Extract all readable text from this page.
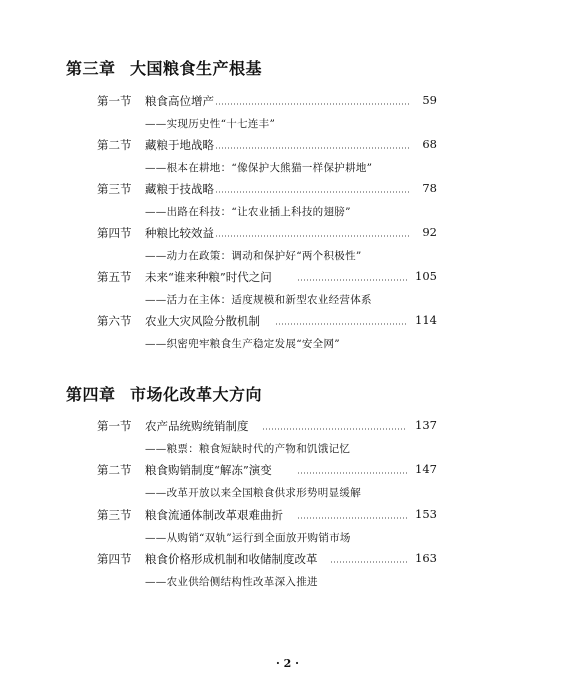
第三章 大国粮食生产根基
第一节 粮食高位增产	59
——实现历史性“十七连丰”
第二节 藏粮于地战略	68
——根本在耕地：“像保护大熊猫一样保护耕地”
第三节 藏粮于技战略	78
——出路在科技：“让农业插上科技的翅膀”
第四节 种粮比较效益	92
——动力在政策：调动和保护好“两个积极性”
第五节 未来“谁来种粮”时代之问	105
——活力在主体：适度规模和新型农业经营体系
第六节 农业大灾风险分散机制	114
——织密兜牢粮食生产稳定发展“安全网”
第四章 市场化改革大方向
第一节 农产品统购统销制度	137
——粮票：粮食短缺时代的产物和饥饿记忆
第二节 粮食购销制度“解冻”演变	147
——改革开放以来全国粮食供求形势明显缓解
第三节 粮食流通体制改革艰难曲折	153
——从购销“双轨”运行到全面放开购销市场
第四节 粮食价格形成机制和收储制度改革	163
——农业供给侧结构性改革深入推进
· 2 ·
